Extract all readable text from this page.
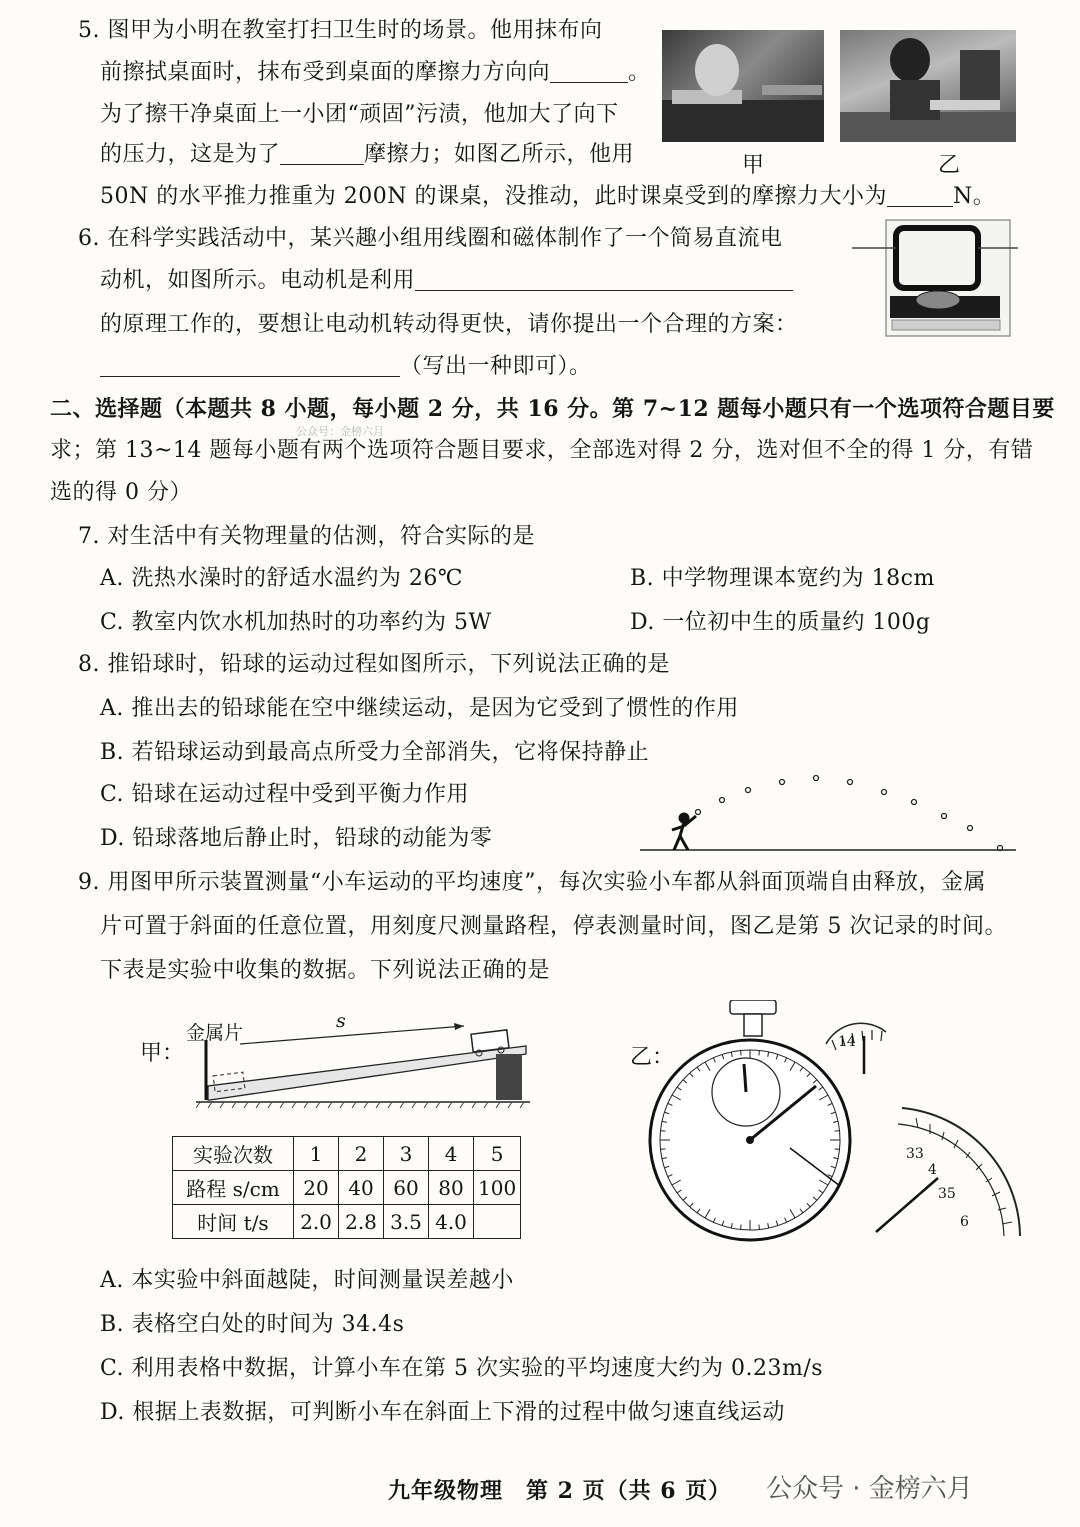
5. 图甲为小明在教室打扫卫生时的场景。他用抹布向
前擦拭桌面时，抹布受到桌面的摩擦力方向向	。
为了擦干净桌面上一小团“顽固”污渍，他加大了向下
的压力，这是为了	摩擦力；如图乙所示，他用
50N 的水平推力推重为 200N 的课桌，没推动，此时课桌受到的摩擦力大小为	N。
甲	乙
6. 在科学实践活动中，某兴趣小组用线圈和磁体制作了一个简易直流电
动机，如图所示。电动机是利用
的原理工作的，要想让电动机转动得更快，请你提出一个合理的方案：
（写出一种即可）。
二、选择题（本题共 8 小题，每小题 2 分，共 16 分。第 7~12 题每小题只有一个选项符合题目要
公众号：金榜六月
求；第 13~14 题每小题有两个选项符合题目要求，全部选对得 2 分，选对但不全的得 1 分，有错
选的得 0 分）
7. 对生活中有关物理量的估测，符合实际的是
A. 洗热水澡时的舒适水温约为 26℃	B. 中学物理课本宽约为 18cm
C. 教室内饮水机加热时的功率约为 5W	D. 一位初中生的质量约 100g
8. 推铅球时，铅球的运动过程如图所示，下列说法正确的是
A. 推出去的铅球能在空中继续运动，是因为它受到了惯性的作用
B. 若铅球运动到最高点所受力全部消失，它将保持静止
C. 铅球在运动过程中受到平衡力作用
D. 铅球落地后静止时，铅球的动能为零
9. 用图甲所示装置测量“小车运动的平均速度”，每次实验小车都从斜面顶端自由释放，金属
片可置于斜面的任意位置，用刻度尺测量路程，停表测量时间，图乙是第 5 次记录的时间。
下表是实验中收集的数据。下列说法正确的是
甲：
金属片
s
实验次数	1	2	3	4	5
路程 s/cm	20	40	60	80	100
时间 t/s	2.0	2.8	3.5	4.0	
乙：
14
33
4
35
6
A. 本实验中斜面越陡，时间测量误差越小
B. 表格空白处的时间为 34.4s
C. 利用表格中数据，计算小车在第 5 次实验的平均速度大约为 0.23m/s
D. 根据上表数据，可判断小车在斜面上下滑的过程中做匀速直线运动
九年级物理　第 2 页（共 6 页） 公众号 · 金榜六月
